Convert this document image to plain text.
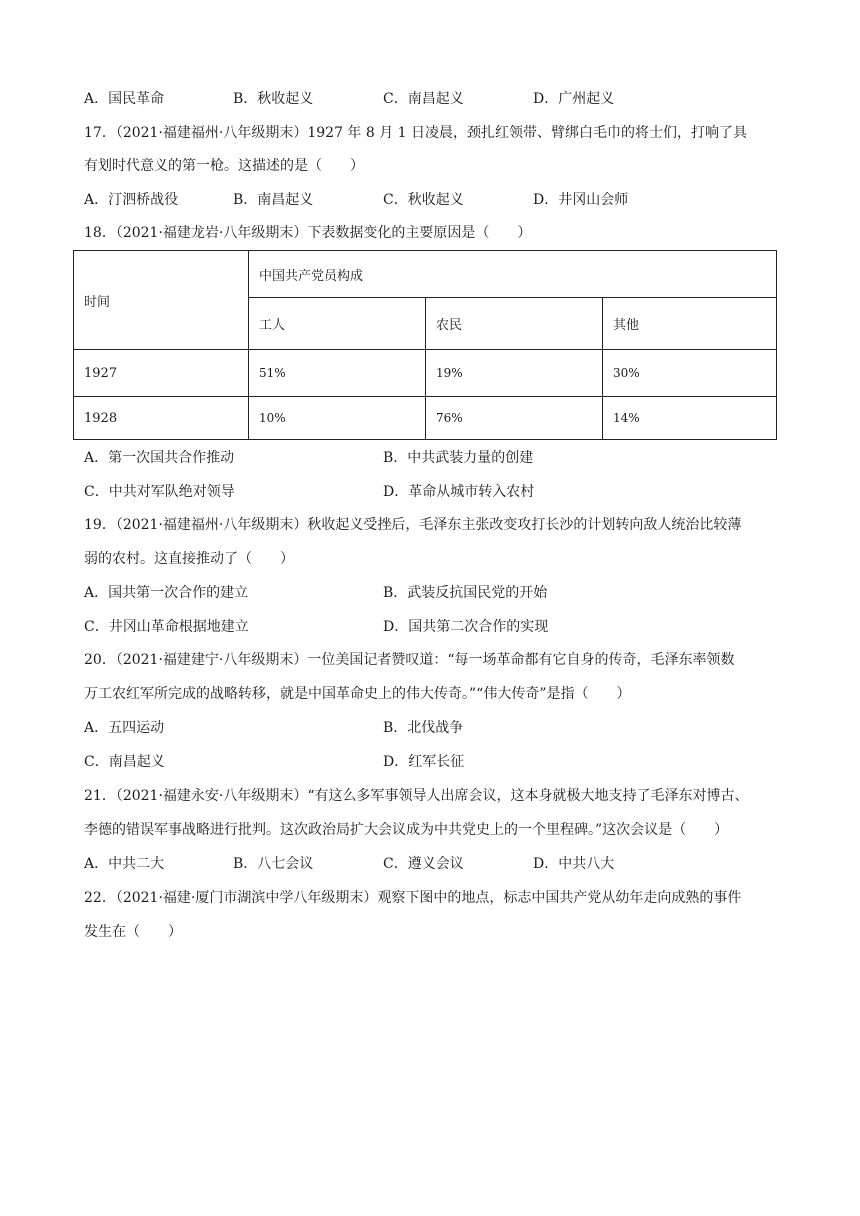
A．国民革命	B．秋收起义	C．南昌起义	D．广州起义
17．（2021·福建福州·八年级期末）1927 年 8 月 1 日凌晨，颈扎红领带、臂绑白毛巾的将士们，打响了具
有划时代意义的第一枪。这描述的是（　　）
A．汀泗桥战役	B．南昌起义	C．秋收起义	D．井冈山会师
18．（2021·福建龙岩·八年级期末）下表数据变化的主要原因是（　　）
时间	中国共产党员构成		
	工人	农民	其他
1927	51%	19%	30%
1928	10%	76%	14%
A．第一次国共合作推动	B．中共武装力量的创建
C．中共对军队绝对领导	D．革命从城市转入农村
19．（2021·福建福州·八年级期末）秋收起义受挫后，毛泽东主张改变攻打长沙的计划转向敌人统治比较薄
弱的农村。这直接推动了（　　）
A．国共第一次合作的建立	B．武装反抗国民党的开始
C．井冈山革命根据地建立	D．国共第二次合作的实现
20．（2021·福建建宁·八年级期末）一位美国记者赞叹道：“每一场革命都有它自身的传奇，毛泽东率领数
万工农红军所完成的战略转移，就是中国革命史上的伟大传奇。”“伟大传奇”是指（　　）
A．五四运动	B．北伐战争
C．南昌起义	D．红军长征
21．（2021·福建永安·八年级期末）“有这么多军事领导人出席会议，这本身就极大地支持了毛泽东对博古、
李德的错误军事战略进行批判。这次政治局扩大会议成为中共党史上的一个里程碑。”这次会议是（　　）
A．中共二大	B．八七会议	C．遵义会议	D．中共八大
22．（2021·福建·厦门市湖滨中学八年级期末）观察下图中的地点，标志中国共产党从幼年走向成熟的事件
发生在（　　）
